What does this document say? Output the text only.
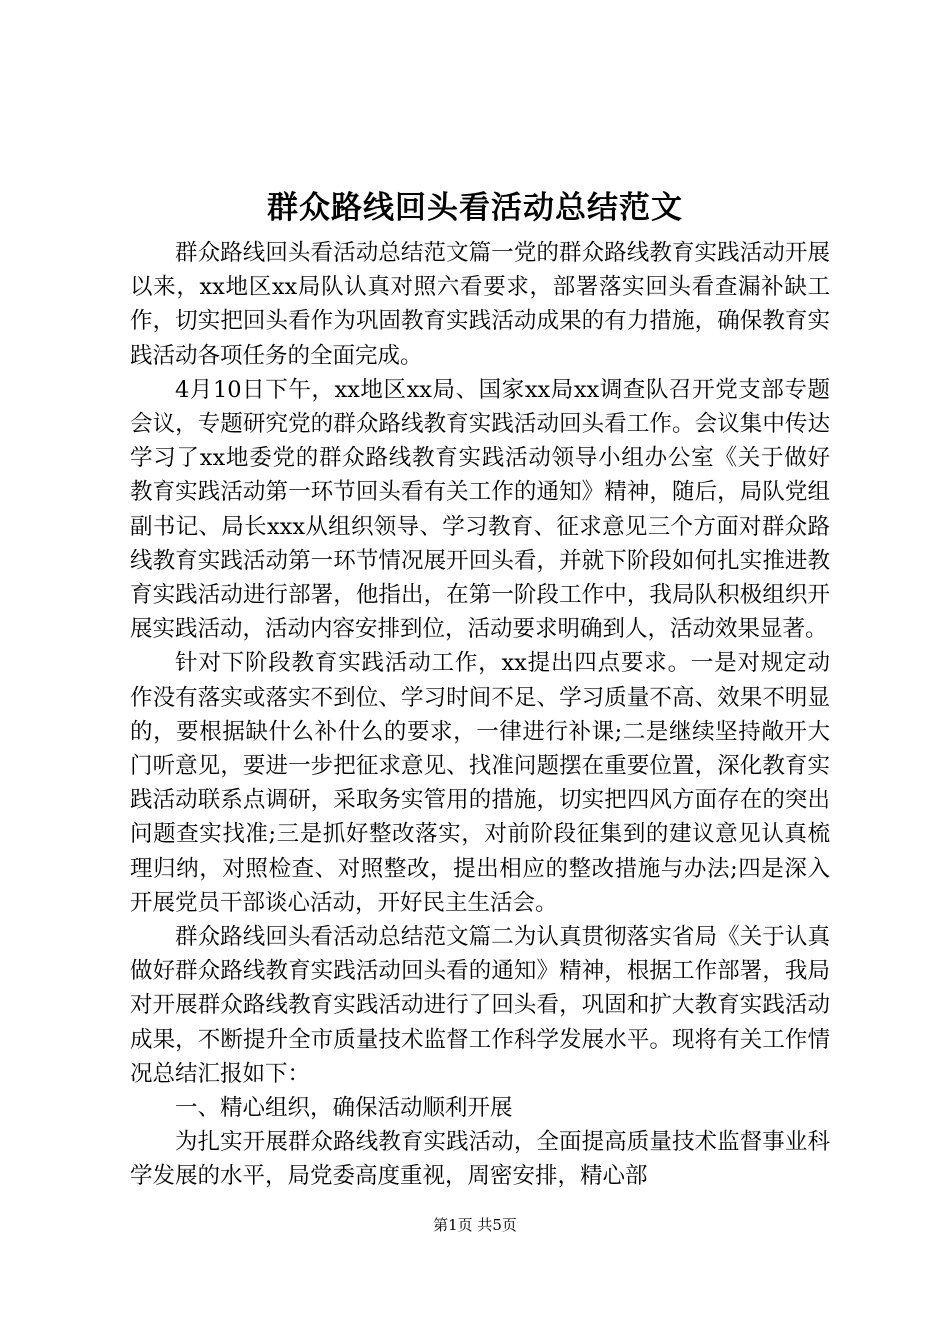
群众路线回头看活动总结范文

群众路线回头看活动总结范文篇一党的群众路线教育实践活动开展以来，xx地区xx局队认真对照六看要求，部署落实回头看查漏补缺工作，切实把回头看作为巩固教育实践活动成果的有力措施，确保教育实践活动各项任务的全面完成。

4月10日下午，xx地区xx局、国家xx局xx调查队召开党支部专题会议，专题研究党的群众路线教育实践活动回头看工作。会议集中传达学习了xx地委党的群众路线教育实践活动领导小组办公室《关于做好教育实践活动第一环节回头看有关工作的通知》精神，随后，局队党组副书记、局长xxx从组织领导、学习教育、征求意见三个方面对群众路线教育实践活动第一环节情况展开回头看，并就下阶段如何扎实推进教育实践活动进行部署，他指出，在第一阶段工作中，我局队积极组织开展实践活动，活动内容安排到位，活动要求明确到人，活动效果显著。

针对下阶段教育实践活动工作，xx提出四点要求。一是对规定动作没有落实或落实不到位、学习时间不足、学习质量不高、效果不明显的，要根据缺什么补什么的要求，一律进行补课;二是继续坚持敞开大门听意见，要进一步把征求意见、找准问题摆在重要位置，深化教育实践活动联系点调研，采取务实管用的措施，切实把四风方面存在的突出问题查实找准;三是抓好整改落实，对前阶段征集到的建议意见认真梳理归纳，对照检查、对照整改，提出相应的整改措施与办法;四是深入开展党员干部谈心活动，开好民主生活会。

群众路线回头看活动总结范文篇二为认真贯彻落实省局《关于认真做好群众路线教育实践活动回头看的通知》精神，根据工作部署，我局对开展群众路线教育实践活动进行了回头看，巩固和扩大教育实践活动成果，不断提升全市质量技术监督工作科学发展水平。现将有关工作情况总结汇报如下：

一、精心组织，确保活动顺利开展

为扎实开展群众路线教育实践活动，全面提高质量技术监督事业科学发展的水平，局党委高度重视，周密安排，精心部

第1页 共5页
